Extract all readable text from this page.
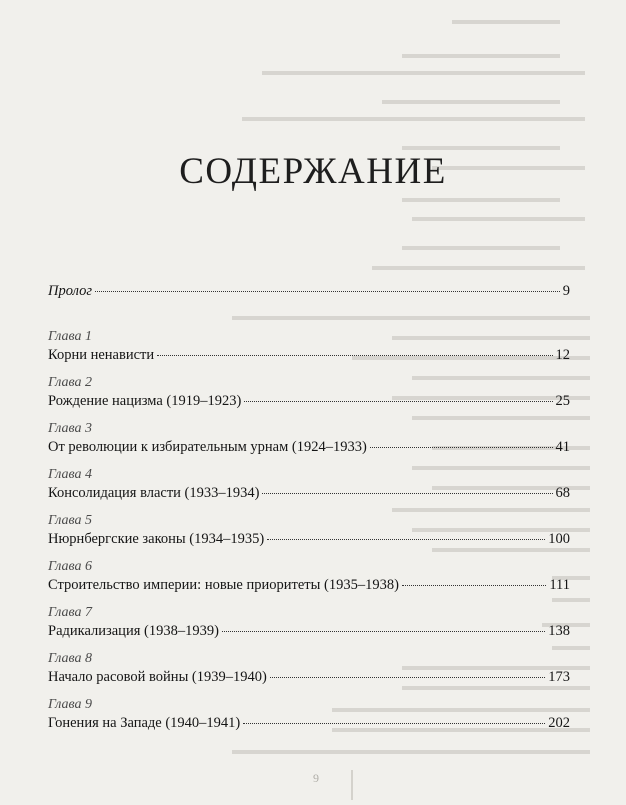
СОДЕРЖАНИЕ
Пролог	9
Глава 1
Корни ненависти	12
Глава 2
Рождение нацизма (1919–1923)	25
Глава 3
От революции к избирательным урнам (1924–1933)	41
Глава 4
Консолидация власти (1933–1934)	68
Глава 5
Нюрнбергские законы (1934–1935)	100
Глава 6
Строительство империи: новые приоритеты (1935–1938)	111
Глава 7
Радикализация (1938–1939)	138
Глава 8
Начало расовой войны (1939–1940)	173
Глава 9
Гонения на Западе (1940–1941)	202
9
